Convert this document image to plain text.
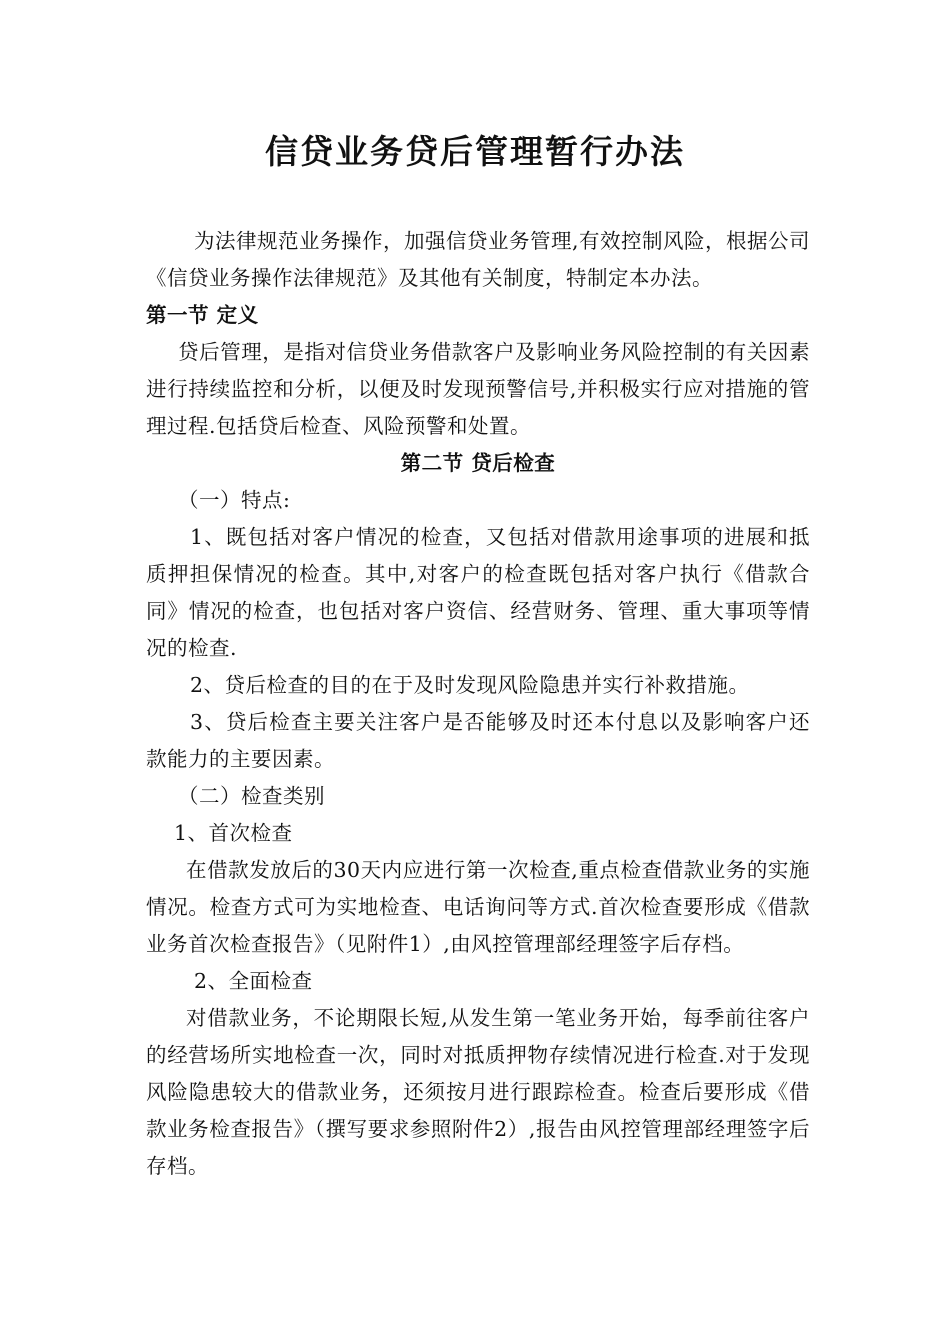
信贷业务贷后管理暂行办法

为法律规范业务操作，加强信贷业务管理,有效控制风险，根据公司《信贷业务操作法律规范》及其他有关制度，特制定本办法。

第一节 定义

贷后管理，是指对信贷业务借款客户及影响业务风险控制的有关因素进行持续监控和分析，以便及时发现预警信号,并积极实行应对措施的管理过程.包括贷后检查、风险预警和处置。

第二节 贷后检查

（一）特点:

1、既包括对客户情况的检查，又包括对借款用途事项的进展和抵质押担保情况的检查。其中,对客户的检查既包括对客户执行《借款合同》情况的检查，也包括对客户资信、经营财务、管理、重大事项等情况的检查.

2、贷后检查的目的在于及时发现风险隐患并实行补救措施。

3、贷后检查主要关注客户是否能够及时还本付息以及影响客户还款能力的主要因素。

（二）检查类别

1、首次检查

在借款发放后的30天内应进行第一次检查,重点检查借款业务的实施情况。检查方式可为实地检查、电话询问等方式.首次检查要形成《借款业务首次检查报告》（见附件1）,由风控管理部经理签字后存档。

2、全面检查

对借款业务，不论期限长短,从发生第一笔业务开始，每季前往客户的经营场所实地检查一次，同时对抵质押物存续情况进行检查.对于发现风险隐患较大的借款业务，还须按月进行跟踪检查。检查后要形成《借款业务检查报告》（撰写要求参照附件2）,报告由风控管理部经理签字后存档。
